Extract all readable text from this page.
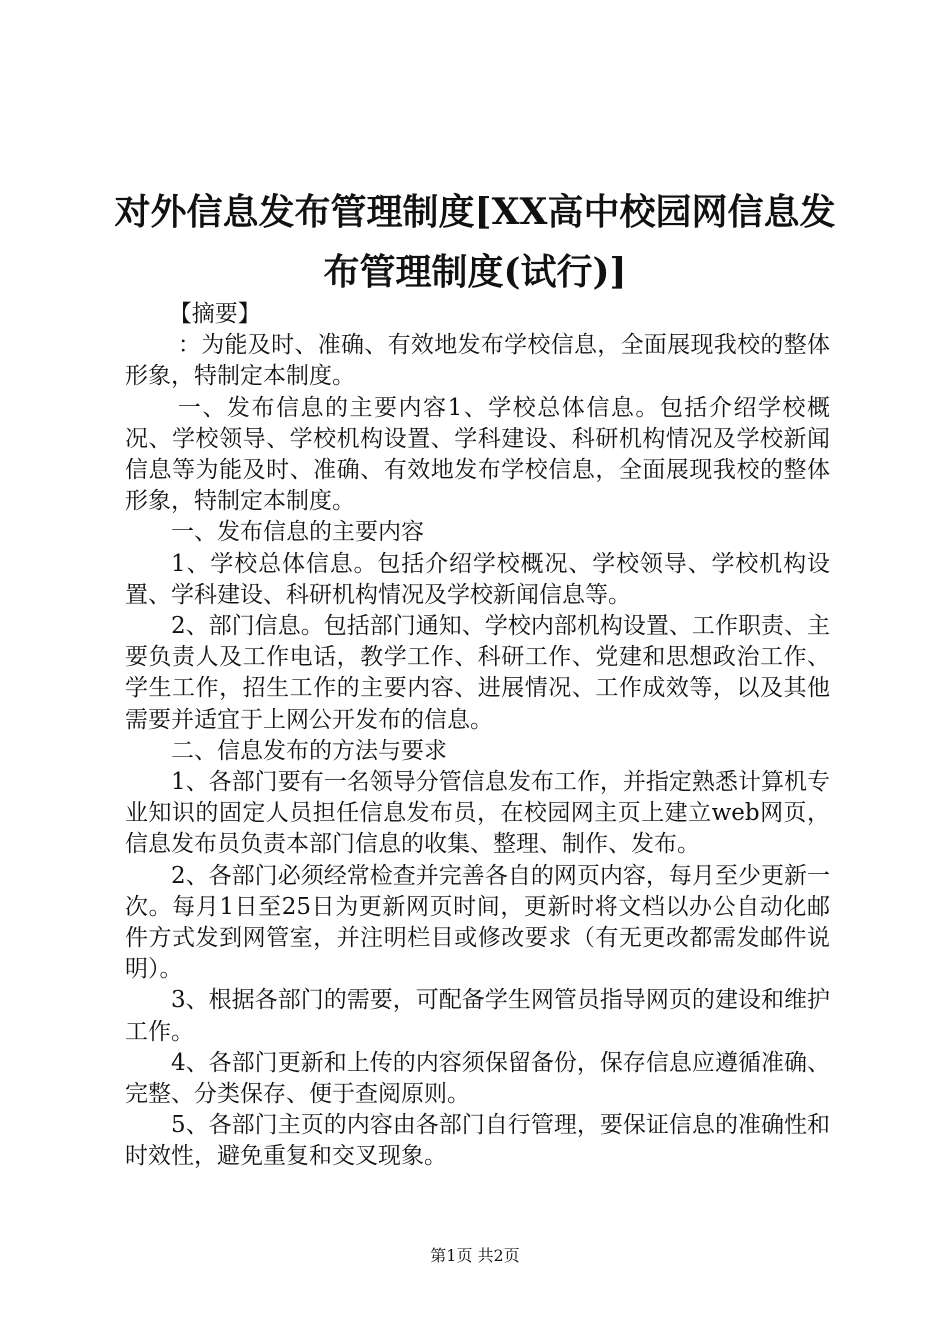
对外信息发布管理制度[XX高中校园网信息发
布管理制度(试行)]

【摘要】

：为能及时、准确、有效地发布学校信息，全面展现我校的整体形象，特制定本制度。

一、发布信息的主要内容1、学校总体信息。包括介绍学校概况、学校领导、学校机构设置、学科建设、科研机构情况及学校新闻信息等为能及时、准确、有效地发布学校信息，全面展现我校的整体形象，特制定本制度。

一、发布信息的主要内容

1、学校总体信息。包括介绍学校概况、学校领导、学校机构设置、学科建设、科研机构情况及学校新闻信息等。

2、部门信息。包括部门通知、学校内部机构设置、工作职责、主要负责人及工作电话，教学工作、科研工作、党建和思想政治工作、学生工作，招生工作的主要内容、进展情况、工作成效等，以及其他需要并适宜于上网公开发布的信息。

二、信息发布的方法与要求

1、各部门要有一名领导分管信息发布工作，并指定熟悉计算机专业知识的固定人员担任信息发布员，在校园网主页上建立web网页，信息发布员负责本部门信息的收集、整理、制作、发布。

2、各部门必须经常检查并完善各自的网页内容，每月至少更新一次。每月1日至25日为更新网页时间，更新时将文档以办公自动化邮件方式发到网管室，并注明栏目或修改要求（有无更改都需发邮件说明）。

3、根据各部门的需要，可配备学生网管员指导网页的建设和维护工作。

4、各部门更新和上传的内容须保留备份，保存信息应遵循准确、完整、分类保存、便于查阅原则。

5、各部门主页的内容由各部门自行管理，要保证信息的准确性和时效性，避免重复和交叉现象。

第1页 共2页
